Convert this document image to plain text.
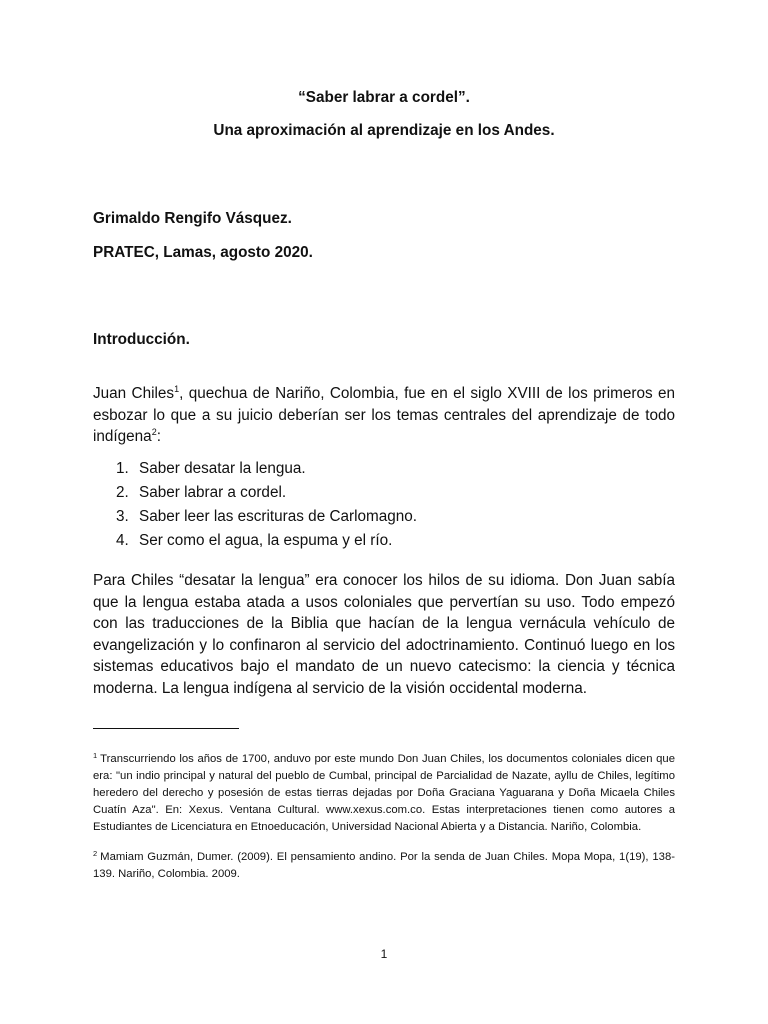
“Saber labrar a cordel”.

Una aproximación al aprendizaje en los Andes.

Grimaldo Rengifo Vásquez.
PRATEC, Lamas, agosto 2020.
Introducción.

Juan Chiles$^1$, quechua de Nariño, Colombia, fue en el siglo XVIII de los primeros en esbozar lo que a su juicio deberían ser los temas centrales del aprendizaje de todo indígena$^2$:

1. Saber desatar la lengua.
2. Saber labrar a cordel.
3. Saber leer las escrituras de Carlomagno.
4. Ser como el agua, la espuma y el río.

Para Chiles “desatar la lengua” era conocer los hilos de su idioma. Don Juan sabía que la lengua estaba atada a usos coloniales que pervertían su uso. Todo empezó con las traducciones de la Biblia que hacían de la lengua vernácula vehículo de evangelización y lo confinaron al servicio del adoctrinamiento. Continuó luego en los sistemas educativos bajo el mandato de un nuevo catecismo: la ciencia y técnica moderna. La lengua indígena al servicio de la visión occidental moderna.

$^1$ Transcurriendo los años de 1700, anduvo por este mundo Don Juan Chiles, los documentos coloniales dicen que era: "un indio principal y natural del pueblo de Cumbal, principal de Parcialidad de Nazate, ayllu de Chiles, legítimo heredero del derecho y posesión de estas tierras dejadas por Doña Graciana Yaguarana y Doña Micaela Chiles Cuatín Aza". En: Xexus. Ventana Cultural. www.xexus.com.co. Estas interpretaciones tienen como autores a Estudiantes de Licenciatura en Etnoeducación, Universidad Nacional Abierta y a Distancia. Nariño, Colombia.

$^2$ Mamiam Guzmán, Dumer. (2009). El pensamiento andino. Por la senda de Juan Chiles. Mopa Mopa, 1(19), 138-139. Nariño, Colombia. 2009.

1
